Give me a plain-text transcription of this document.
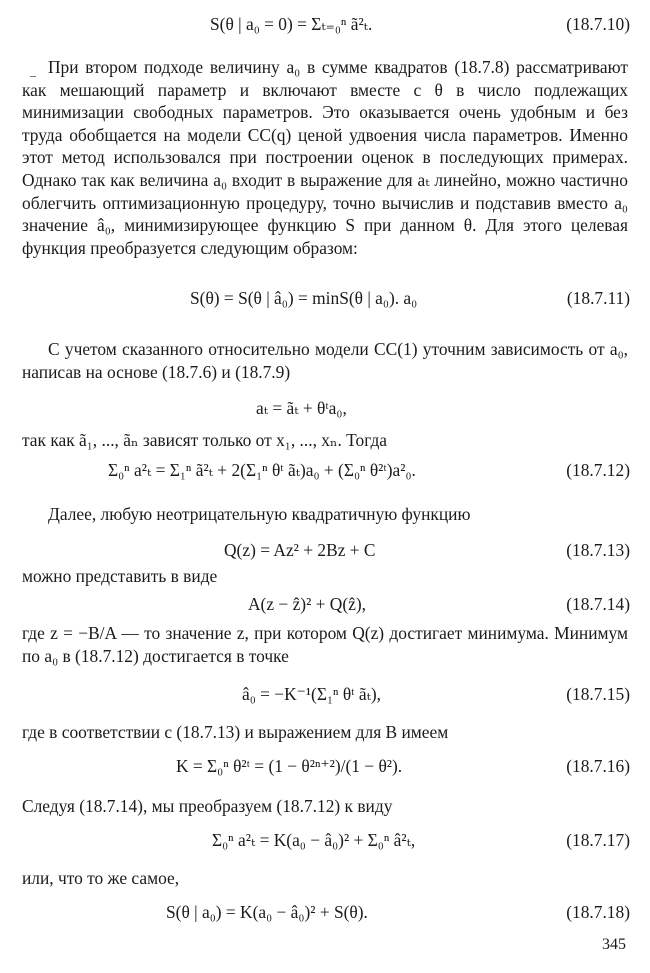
S(θ | a₀ = 0) = Σₜ₌₀ⁿ ã²ₜ.	(18.7.10)
При втором подходе величину a₀ в сумме квадратов (18.7.8) рассматривают как мешающий параметр и включают вместе с θ в число подлежащих минимизации свободных параметров. Это оказывается очень удобным и без труда обобщается на модели СС(q) ценой удвоения числа параметров. Именно этот метод использовался при построении оценок в последующих примерах. Однако так как величина a₀ входит в выражение для aₜ линейно, можно частично облегчить оптимизационную процедуру, точно вычислив и подставив вместо a₀ значение â₀, минимизирующее функцию S при данном θ. Для этого целевая функция преобразуется следующим образом:
S(θ) = S(θ | â₀) = minS(θ | a₀). a₀	(18.7.11)
С учетом сказанного относительно модели СС(1) уточним зависимость от a₀, написав на основе (18.7.6) и (18.7.9)
aₜ = ãₜ + θᵗa₀,
так как ã₁, ..., ãₙ зависят только от x₁, ..., xₙ. Тогда
Σ₀ⁿ a²ₜ = Σ₁ⁿ ã²ₜ + 2(Σ₁ⁿ θᵗ ãₜ)a₀ + (Σ₀ⁿ θ²ᵗ)a²₀.	(18.7.12)
Далее, любую неотрицательную квадратичную функцию
Q(z) = Az² + 2Bz + C	(18.7.13)
можно представить в виде
A(z − ẑ)² + Q(ẑ),	(18.7.14)
где z = −B/A — то значение z, при котором Q(z) достигает минимума. Минимум по a₀ в (18.7.12) достигается в точке
â₀ = −K⁻¹(Σ₁ⁿ θᵗ ãₜ),	(18.7.15)
где в соответствии с (18.7.13) и выражением для B имеем
K = Σ₀ⁿ θ²ᵗ = (1 − θ²ⁿ⁺²)/(1 − θ²).	(18.7.16)
Следуя (18.7.14), мы преобразуем (18.7.12) к виду
Σ₀ⁿ a²ₜ = K(a₀ − â₀)² + Σ₀ⁿ â²ₜ,	(18.7.17)
или, что то же самое,
S(θ | a₀) = K(a₀ − â₀)² + S(θ).	(18.7.18)
345
